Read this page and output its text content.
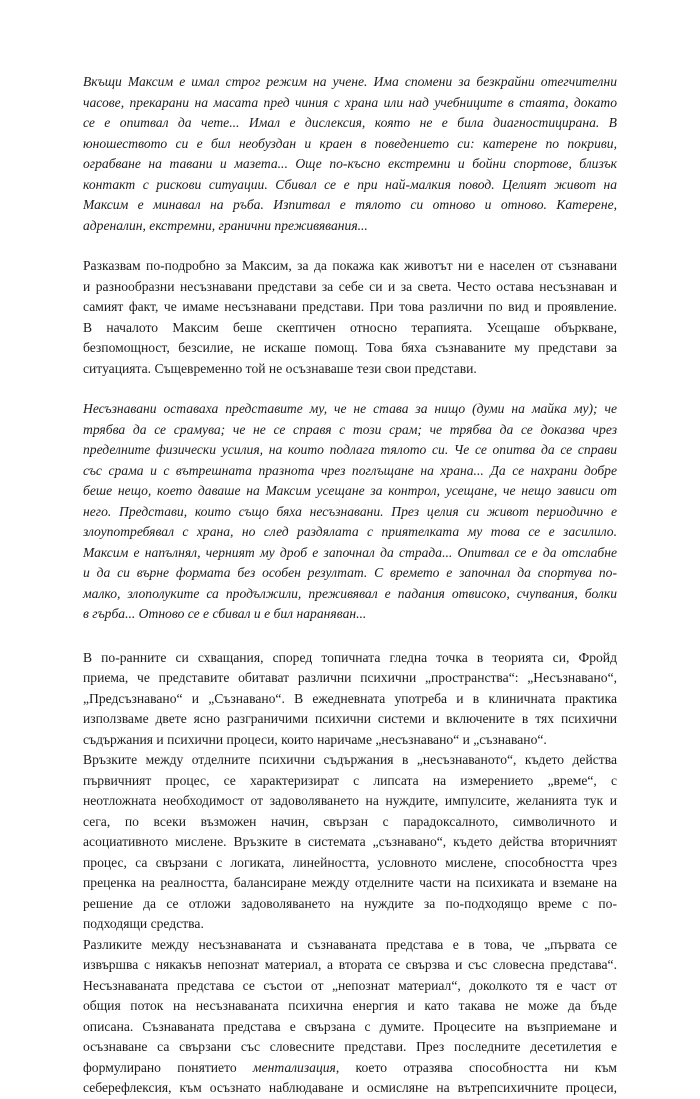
Вкъщи Максим е имал строг режим на учене. Има спомени за безкрайни отегчителни
часове, прекарани на масата пред чиния с храна или над учебниците в стаята, докато
се е опитвал да чете... Имал е дислексия, която не е била диагностицирана. В
юношеството си е бил необуздан и краен в поведението си: катерене по покриви,
ограбване на тавани и мазета... Още по-късно екстремни и бойни спортове, близък
контакт с рискови ситуации. Сбивал се е при най-малкия повод. Целият живот на
Максим е минавал на ръба. Изпитвал е тялото си отново и отново. Катерене,
адреналин, екстремни, гранични преживявания...

Разказвам по-подробно за Максим, за да покажа как животът ни е населен от съзнавани
и разнообразни несъзнавани представи за себе си и за света. Често остава несъзнаван и
самият факт, че имаме несъзнавани представи. При това различни по вид и проявление.
В началото Максим беше скептичен относно терапията. Усещаше объркване,
безпомощност, безсилие, не искаше помощ. Това бяха съзнаваните му представи за
ситуацията. Същевременно той не осъзнаваше тези свои представи.

Несъзнавани оставаха представите му, че не става за нищо (думи на майка му); че
трябва да се срамува; че не се справя с този срам; че трябва да се доказва чрез
пределните физически усилия, на които подлага тялото си. Че се опитва да се справи
със срама и с вътрешната празнота чрез поглъщане на храна... Да се нахрани добре
беше нещо, което даваше на Максим усещане за контрол, усещане, че нещо зависи от
него. Представи, които също бяха несъзнавани. През целия си живот периодично е
злоупотребявал с храна, но след раздялата с приятелката му това се е засилило.
Максим е напълнял, черният му дроб е започнал да страда... Опитвал се е да отслабне
и да си върне формата без особен резултат. С времето е започнал да спортува по-
малко, злополуките са продължили, преживявал е падания отвисоко, счупвания, болки
в гърба... Отново се е сбивал и е бил наранявaн...

В по-ранните си схващания, според топичната гледна точка в теорията си, Фройд
приема, че представите обитават различни психични „пространства“: „Несъзнавано“,
„Предсъзнавано“ и „Съзнавано“. В ежедневната употреба и в клиничната практика
използваме двете ясно разграничими психични системи и включените в тях психични
съдържания и психични процеси, които наричаме „несъзнавано“ и „съзнавано“.

Връзките между отделните психични съдържания в „несъзнаваното“, където действа
първичният процес, се характеризират с липсата на измерението „време“, с
неотложната необходимост от задоволяването на нуждите, импулсите, желанията тук и
сега, по всеки възможен начин, свързан с парадоксалното, символичното и
асоциативното мислене. Връзките в системата „съзнавано“, където действа вторичният
процес, са свързани с логиката, линейността, условното мислене, способността чрез
преценка на реалността, балансиране между отделните части на психиката и вземане на
решение да се отложи задоволяването на нуждите за по-подходящо време с по-
подходящи средства.

Разликите между несъзнаваната и съзнаваната представа е в това, че „първата се
извършва с някакъв непознат материал, а втората се свързва и със словесна представа“.
Несъзнаваната представа се състои от „непознат материал“, доколкото тя е част от
общия поток на несъзнаваната психична енергия и като такава не може да бъде
описана. Съзнаваната представа е свързана с думите. Процесите на възприемане и
осъзнаване са свързани със словесните представи. През последните десетилетия е
формулирано понятието ментализация, което отразява способността ни към
себерефлексия, към осъзнато наблюдаване и осмисляне на вътрепсихичните процеси,
